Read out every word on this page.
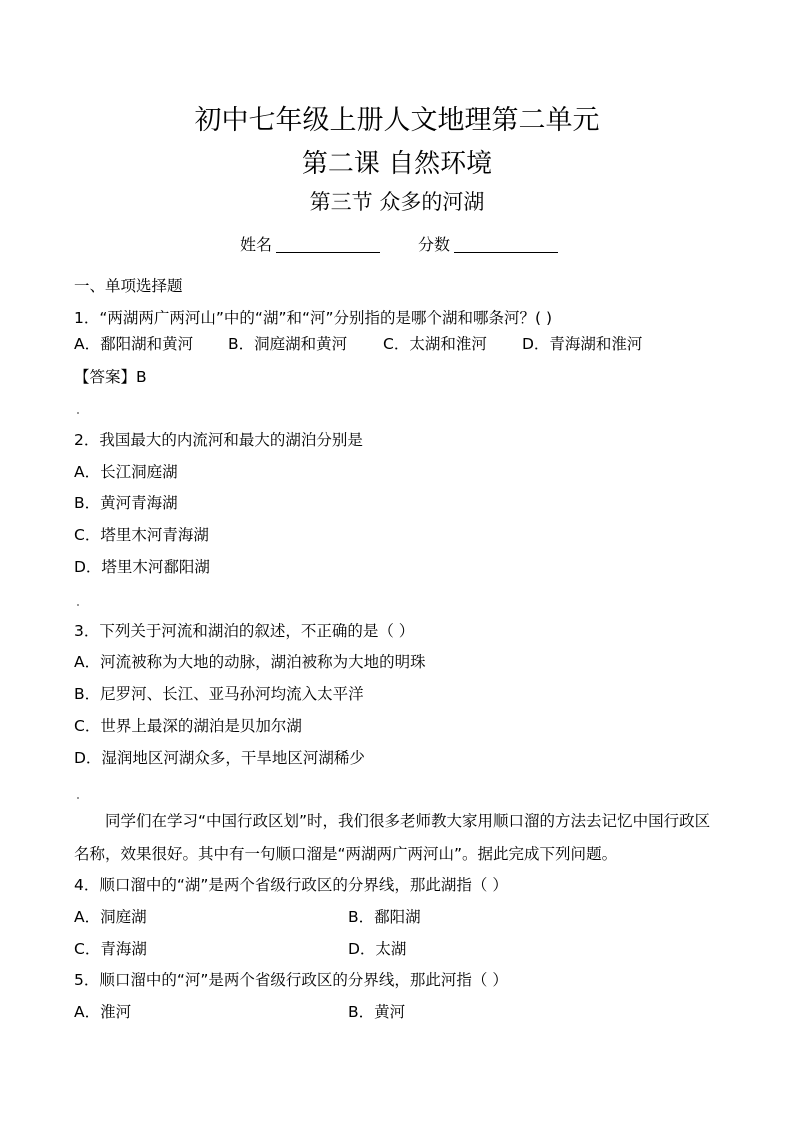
初中七年级上册人文地理第二单元
第二课 自然环境
第三节 众多的河湖
姓名	分数
一、单项选择题
1．“两湖两广两河山”中的“湖”和“河”分别指的是哪个湖和哪条河？( )
A．鄱阳湖和黄河 B．洞庭湖和黄河 C．太湖和淮河 D．青海湖和淮河
【答案】B
2．我国最大的内流河和最大的湖泊分别是
A．长江洞庭湖
B．黄河青海湖
C．塔里木河青海湖
D．塔里木河鄱阳湖
3．下列关于河流和湖泊的叙述，不正确的是（ ）
A．河流被称为大地的动脉，湖泊被称为大地的明珠
B．尼罗河、长江、亚马孙河均流入太平洋
C．世界上最深的湖泊是贝加尔湖
D．湿润地区河湖众多，干旱地区河湖稀少
同学们在学习“中国行政区划”时，我们很多老师教大家用顺口溜的方法去记忆中国行政区
名称，效果很好。其中有一句顺口溜是“两湖两广两河山”。据此完成下列问题。
4．顺口溜中的“湖”是两个省级行政区的分界线，那此湖指（ ）
A．洞庭湖	B．鄱阳湖
C．青海湖	D．太湖
5．顺口溜中的“河”是两个省级行政区的分界线，那此河指（ ）
A．淮河	B．黄河
